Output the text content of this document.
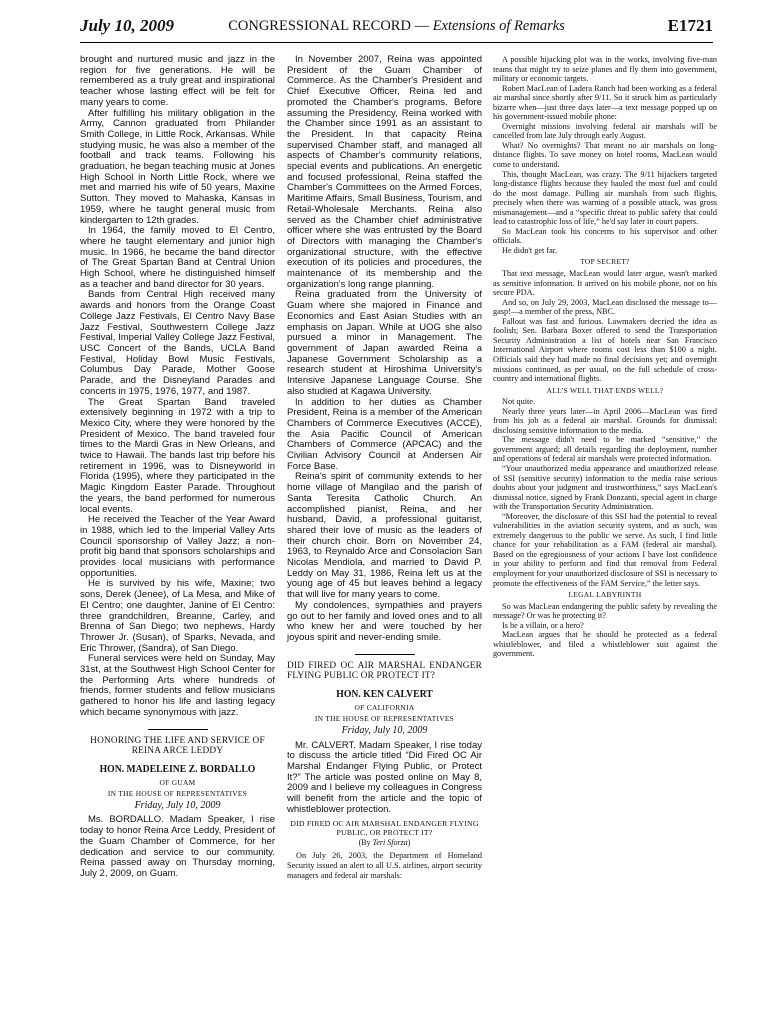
July 10, 2009	CONGRESSIONAL RECORD — Extensions of Remarks	E1721

brought and nurtured music and jazz in the region for five generations. He will be remembered as a truly great and inspirational teacher whose lasting effect will be felt for many years to come.

After fulfilling his military obligation in the Army, Cannon graduated from Philander Smith College, in Little Rock, Arkansas. While studying music, he was also a member of the football and track teams. Following his graduation, he began teaching music at Jones High School in North Little Rock, where we met and married his wife of 50 years, Maxine Sutton. They moved to Mahaska, Kansas in 1959, where he taught general music from kindergarten to 12th grades.

In 1964, the family moved to El Centro, where he taught elementary and junior high music. In 1966, he became the band director of The Great Spartan Band at Central Union High School, where he distinguished himself as a teacher and band director for 30 years.

Bands from Central High received many awards and honors from the Orange Coast College Jazz Festivals, El Centro Navy Base Jazz Festival, Southwestern College Jazz Festival, Imperial Valley College Jazz Festival, USC Concert of the Bands, UCLA Band Festival, Holiday Bowl Music Festivals, Columbus Day Parade, Mother Goose Parade, and the Disneyland Parades and concerts in 1975, 1976, 1977, and 1987.

The Great Spartan Band traveled extensively beginning in 1972 with a trip to Mexico City, where they were honored by the President of Mexico. The band traveled four times to the Mardi Gras in New Orleans, and twice to Hawaii. The bands last trip before his retirement in 1996, was to Disneyworld in Florida (1995), where they participated in the Magic Kingdom Easter Parade. Throughout the years, the band performed for numerous local events.

He received the Teacher of the Year Award in 1988, which led to the Imperial Valley Arts Council sponsorship of Valley Jazz; a non-profit big band that sponsors scholarships and provides local musicians with performance opportunities.

He is survived by his wife, Maxine; two sons, Derek (Jenee), of La Mesa, and Mike of El Centro; one daughter, Janine of El Centro: three grandchildren, Breanne, Carley, and Brenna of San Diego; two nephews, Hardy Thrower Jr. (Susan), of Sparks, Nevada, and Eric Thrower, (Sandra), of San Diego.

Funeral services were held on Sunday, May 31st, at the Southwest High School Center for the Performing Arts where hundreds of friends, former students and fellow musicians gathered to honor his life and lasting legacy which became synonymous with jazz.

HONORING THE LIFE AND SERVICE OF REINA ARCE LEDDY
HON. MADELEINE Z. BORDALLO
OF GUAM
IN THE HOUSE OF REPRESENTATIVES

Friday, July 10, 2009

Ms. BORDALLO. Madam Speaker, I rise today to honor Reina Arce Leddy, President of the Guam Chamber of Commerce, for her dedication and service to our community. Reina passed away on Thursday morning, July 2, 2009, on Guam.

In November 2007, Reina was appointed President of the Guam Chamber of Commerce. As the Chamber's President and Chief Executive Officer, Reina led and promoted the Chamber's programs. Before assuming the Presidency, Reina worked with the Chamber since 1991 as an assistant to the President. In that capacity Reina supervised Chamber staff, and managed all aspects of Chamber's community relations, special events and publications. An energetic and focused professional, Reina staffed the Chamber's Committees on the Armed Forces, Maritime Affairs, Small Business, Tourism, and Retail-Wholesale Merchants. Reina also served as the Chamber chief administrative officer where she was entrusted by the Board of Directors with managing the Chamber's organizational structure, with the effective execution of its policies and procedures, the maintenance of its membership and the organization's long range planning.

Reina graduated from the University of Guam where she majored in Finance and Economics and East Asian Studies with an emphasis on Japan. While at UOG she also pursued a minor in Management. The government of Japan awarded Reina a Japanese Government Scholarship as a research student at Hiroshima University's Intensive Japanese Language Course. She also studied at Kagawa University.

In addition to her duties as Chamber President, Reina is a member of the American Chambers of Commerce Executives (ACCE), the Asia Pacific Council of American Chambers of Commerce (APCAC) and the Civilian Advisory Council at Andersen Air Force Base.

Reina's spirit of community extends to her home village of Mangilao and the parish of Santa Teresita Catholic Church. An accomplished pianist, Reina, and her husband, David, a professional guitarist, shared their love of music as the leaders of their church choir. Born on November 24, 1963, to Reynaldo Arce and Consolacion San Nicolas Mendiola, and married to David P. Leddy on May 31, 1986, Reina left us at the young age of 45 but leaves behind a legacy that will live for many years to come.

My condolences, sympathies and prayers go out to her family and loved ones and to all who knew her and were touched by her joyous spirit and never-ending smile.

DID FIRED OC AIR MARSHAL ENDANGER FLYING PUBLIC OR PROTECT IT?
HON. KEN CALVERT
OF CALIFORNIA
IN THE HOUSE OF REPRESENTATIVES

Friday, July 10, 2009

Mr. CALVERT. Madam Speaker, I rise today to discuss the article titled “Did Fired OC Air Marshal Endanger Flying Public, or Protect It?” The article was posted online on May 8, 2009 and I believe my colleagues in Congress will benefit from the article and the topic of whistleblower protection.

DID FIRED OC AIR MARSHAL ENDANGER FLYING PUBLIC, OR PROTECT IT?
(By Teri Sforza)

On July 26, 2003, the Department of Homeland Security issued an alert to all U.S. airlines, airport security managers and federal air marshals:

A possible hijacking plot was in the works, involving five-man teams that might try to seize planes and fly them into government, military or economic targets.

Robert MacLean of Ladera Ranch had been working as a federal air marshal since shortly after 9/11. So it struck him as particularly bizarre when—just three days later—a text message popped up on his government-issued mobile phone:

Overnight missions involving federal air marshals will be cancelled from late July through early August.

What? No overnights? That meant no air marshals on long-distance flights. To save money on hotel rooms, MacLean would come to understand.

This, thought MacLean, was crazy. The 9/11 hijackers targeted long-distance flights because they hauled the most fuel and could do the most damage. Pulling air marshals from such flights, precisely when there was warning of a possible attack, was gross mismanagement—and a “specific threat to public safety that could lead to catastrophic loss of life,” he'd say later in court papers.

So MacLean took his concerns to his supervisor and other officials.

He didn't get far.

TOP SECRET?

That text message, MacLean would later argue, wasn't marked as sensitive information. It arrived on his mobile phone, not on his secure PDA.

And so, on July 29, 2003, MacLean disclosed the message to—gasp!—a member of the press, NBC.

Fallout was fast and furious. Lawmakers decried the idea as foolish; Sen. Barbara Boxer offered to send the Transportation Security Administration a list of hotels near San Francisco International Airport where rooms cost less than $100 a night. Officials said they had made no final decisions yet; and overnight missions continued, as per usual, on the full schedule of cross-country and international flights.

ALL'S WELL THAT ENDS WELL?

Not quite.

Nearly three years later—in April 2006—MacLean was fired from his job as a federal air marshal. Grounds for dismissal: disclosing sensitive information to the media.

The message didn't need to be marked “sensitive,” the government argued; all details regarding the deployment, number and operations of federal air marshals were protected information.

“Your unauthorized media appearance and unauthorized release of SSI (sensitive security) information to the media raise serious doubts about your judgment and trustworthiness,” says MacLean's dismissal notice, signed by Frank Donzanti, special agent in charge with the Transportation Security Administration.

“Moreover, the disclosure of this SSI had the potential to reveal vulnerabilities in the aviation security system, and as such, was extremely dangerous to the public we serve. As such, I find little chance for your rehabilitation as a FAM (federal air marshal). Based on the egregiousness of your actions I have lost confidence in your ability to perform and find that removal from Federal employment for your unauthorized disclosure of SSI is necessary to promote the effectiveness of the FAM Service,” the letter says.

LEGAL LABYRINTH

So was MacLean endangering the public safety by revealing the message? Or was he protecting it?

Is he a villain, or a hero?

MacLean argues that he should be protected as a federal whistleblower, and filed a whistleblower suit against the government.
